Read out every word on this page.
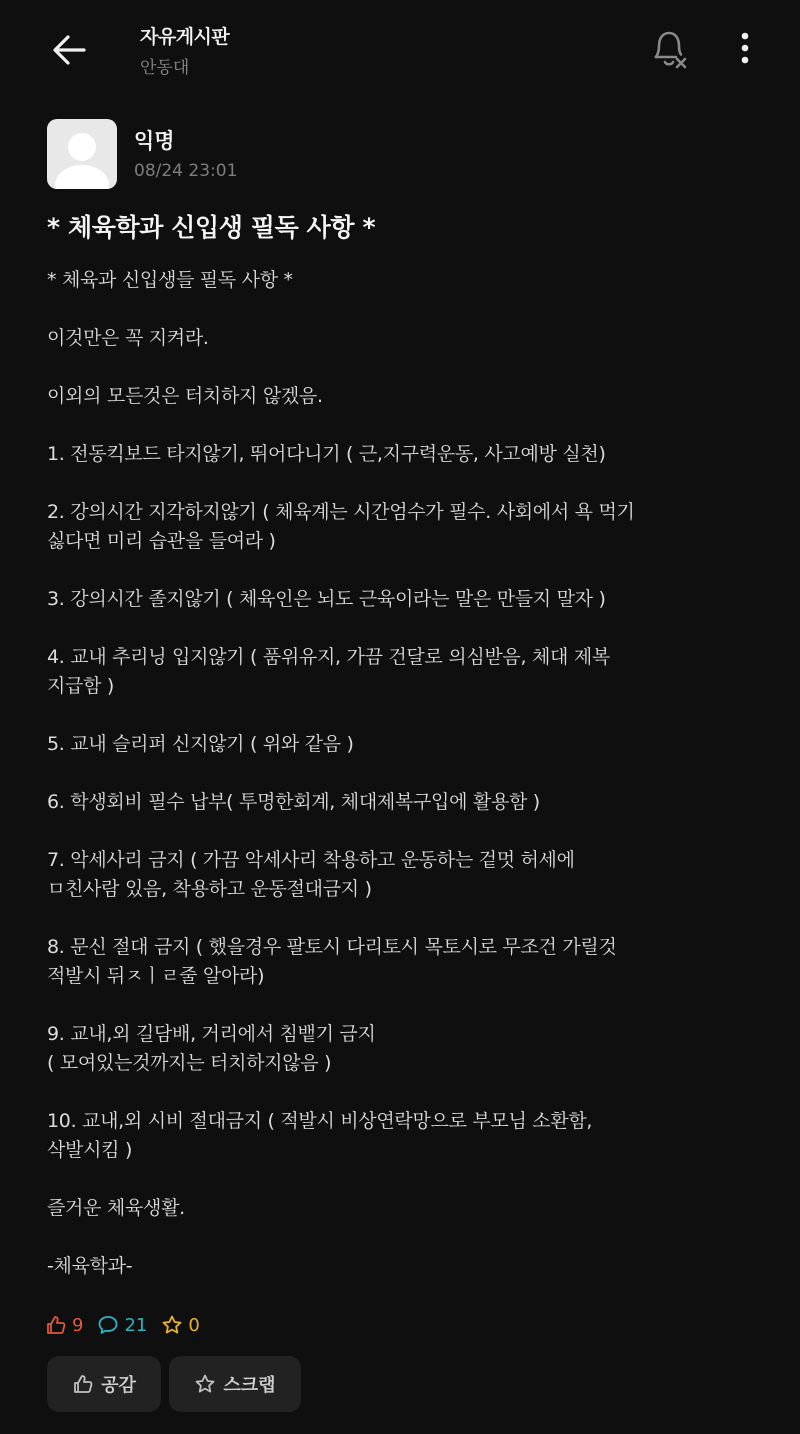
자유게시판
안동대
익명
08/24 23:01
* 체육학과 신입생 필독 사항 *
* 체육과 신입생들 필독 사항 *
이것만은 꼭 지켜라.
이외의 모든것은 터치하지 않겠음.
1. 전동킥보드 타지않기, 뛰어다니기 ( 근,지구력운동, 사고예방 실천)
2. 강의시간 지각하지않기 ( 체육계는 시간엄수가 필수. 사회에서 욕 먹기
싫다면 미리 습관을 들여라 )
3. 강의시간 졸지않기 ( 체육인은 뇌도 근육이라는 말은 만들지 말자 )
4. 교내 추리닝 입지않기 ( 품위유지, 가끔 건달로 의심받음, 체대 제복
지급함 )
5. 교내 슬리퍼 신지않기 ( 위와 같음 )
6. 학생회비 필수 납부( 투명한회계, 체대제복구입에 활용함 )
7. 악세사리 금지 ( 가끔 악세사리 착용하고 운동하는 겉멋 허세에
ㅁ친사람 있음, 착용하고 운동절대금지 )
8. 문신 절대 금지 ( 했을경우 팔토시 다리토시 목토시로 무조건 가릴것
적발시 뒤ㅈㅣㄹ줄 알아라)
9. 교내,외 길담배, 거리에서 침뱉기 금지
( 모여있는것까지는 터치하지않음 )
10. 교내,외 시비 절대금지 ( 적발시 비상연락망으로 부모님 소환함,
삭발시킴 )
즐거운 체육생활.
-체육학과-
9 21 0
공감	스크랩
